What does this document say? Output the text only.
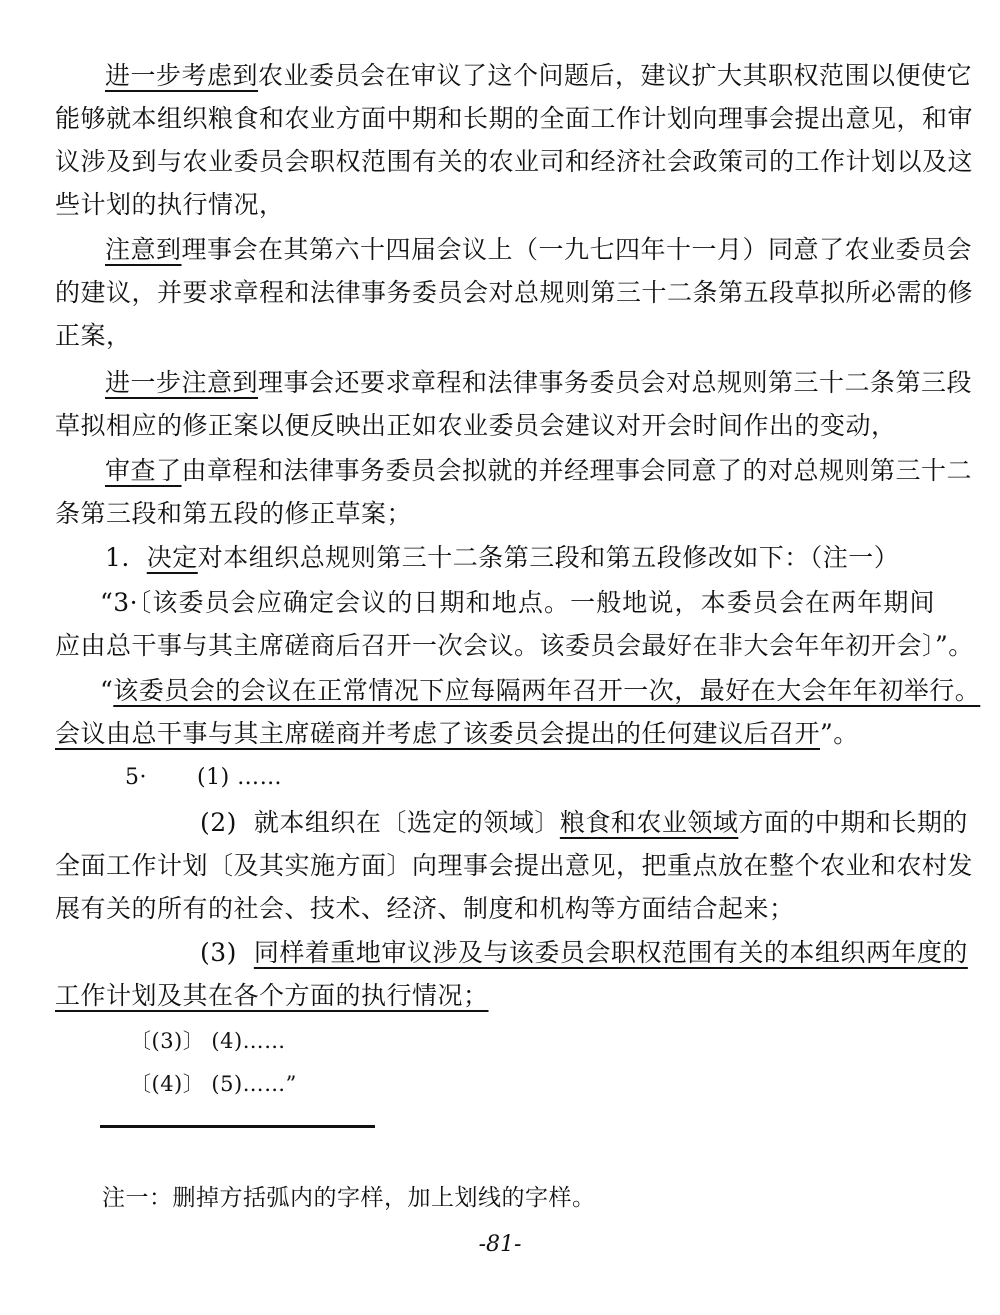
进一步考虑到农业委员会在审议了这个问题后，建议扩大其职权范围以便使它
能够就本组织粮食和农业方面中期和长期的全面工作计划向理事会提出意见，和审
议涉及到与农业委员会职权范围有关的农业司和经济社会政策司的工作计划以及这
些计划的执行情况，
注意到理事会在其第六十四届会议上（一九七四年十一月）同意了农业委员会
的建议，并要求章程和法律事务委员会对总规则第三十二条第五段草拟所必需的修
正案，
进一步注意到理事会还要求章程和法律事务委员会对总规则第三十二条第三段
草拟相应的修正案以便反映出正如农业委员会建议对开会时间作出的变动，
审查了由章程和法律事务委员会拟就的并经理事会同意了的对总规则第三十二
条第三段和第五段的修正草案；
1. 决定对本组织总规则第三十二条第三段和第五段修改如下：（注一）
“3·〔该委员会应确定会议的日期和地点。一般地说，本委员会在两年期间
应由总干事与其主席磋商后召开一次会议。该委员会最好在非大会年年初开会〕”。
“该委员会的会议在正常情况下应每隔两年召开一次，最好在大会年年初举行。
会议由总干事与其主席磋商并考虑了该委员会提出的任何建议后召开”。
5· (1) ……
(2) 就本组织在〔选定的领域〕粮食和农业领域方面的中期和长期的
全面工作计划〔及其实施方面〕向理事会提出意见，把重点放在整个农业和农村发
展有关的所有的社会、技术、经济、制度和机构等方面结合起来；
(3) 同样着重地审议涉及与该委员会职权范围有关的本组织两年度的
工作计划及其在各个方面的执行情况；
〔(3)〕 (4)……
〔(4)〕 (5)……”
注一：删掉方括弧内的字样，加上划线的字样。
-81-
